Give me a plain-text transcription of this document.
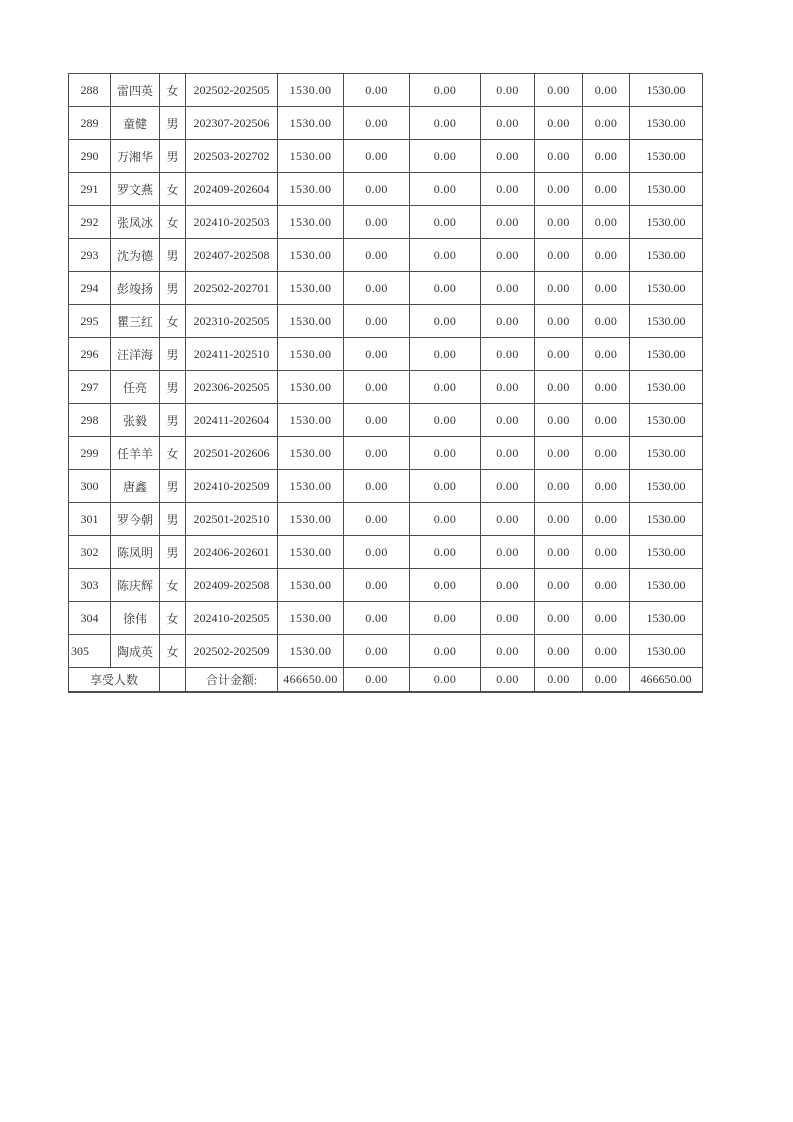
288	雷四英	女	202502-202505	1530.00	0.00	0.00	0.00	0.00	0.00	1530.00
289	童健	男	202307-202506	1530.00	0.00	0.00	0.00	0.00	0.00	1530.00
290	万湘华	男	202503-202702	1530.00	0.00	0.00	0.00	0.00	0.00	1530.00
291	罗文燕	女	202409-202604	1530.00	0.00	0.00	0.00	0.00	0.00	1530.00
292	张凤冰	女	202410-202503	1530.00	0.00	0.00	0.00	0.00	0.00	1530.00
293	沈为德	男	202407-202508	1530.00	0.00	0.00	0.00	0.00	0.00	1530.00
294	彭竣扬	男	202502-202701	1530.00	0.00	0.00	0.00	0.00	0.00	1530.00
295	瞿三红	女	202310-202505	1530.00	0.00	0.00	0.00	0.00	0.00	1530.00
296	汪洋海	男	202411-202510	1530.00	0.00	0.00	0.00	0.00	0.00	1530.00
297	任亮	男	202306-202505	1530.00	0.00	0.00	0.00	0.00	0.00	1530.00
298	张毅	男	202411-202604	1530.00	0.00	0.00	0.00	0.00	0.00	1530.00
299	任羊羊	女	202501-202606	1530.00	0.00	0.00	0.00	0.00	0.00	1530.00
300	唐鑫	男	202410-202509	1530.00	0.00	0.00	0.00	0.00	0.00	1530.00
301	罗今朝	男	202501-202510	1530.00	0.00	0.00	0.00	0.00	0.00	1530.00
302	陈凤明	男	202406-202601	1530.00	0.00	0.00	0.00	0.00	0.00	1530.00
303	陈庆辉	女	202409-202508	1530.00	0.00	0.00	0.00	0.00	0.00	1530.00
304	徐伟	女	202410-202505	1530.00	0.00	0.00	0.00	0.00	0.00	1530.00
305	陶成英	女	202502-202509	1530.00	0.00	0.00	0.00	0.00	0.00	1530.00
享受人数			合计金额:	466650.00	0.00	0.00	0.00	0.00	0.00	466650.00
